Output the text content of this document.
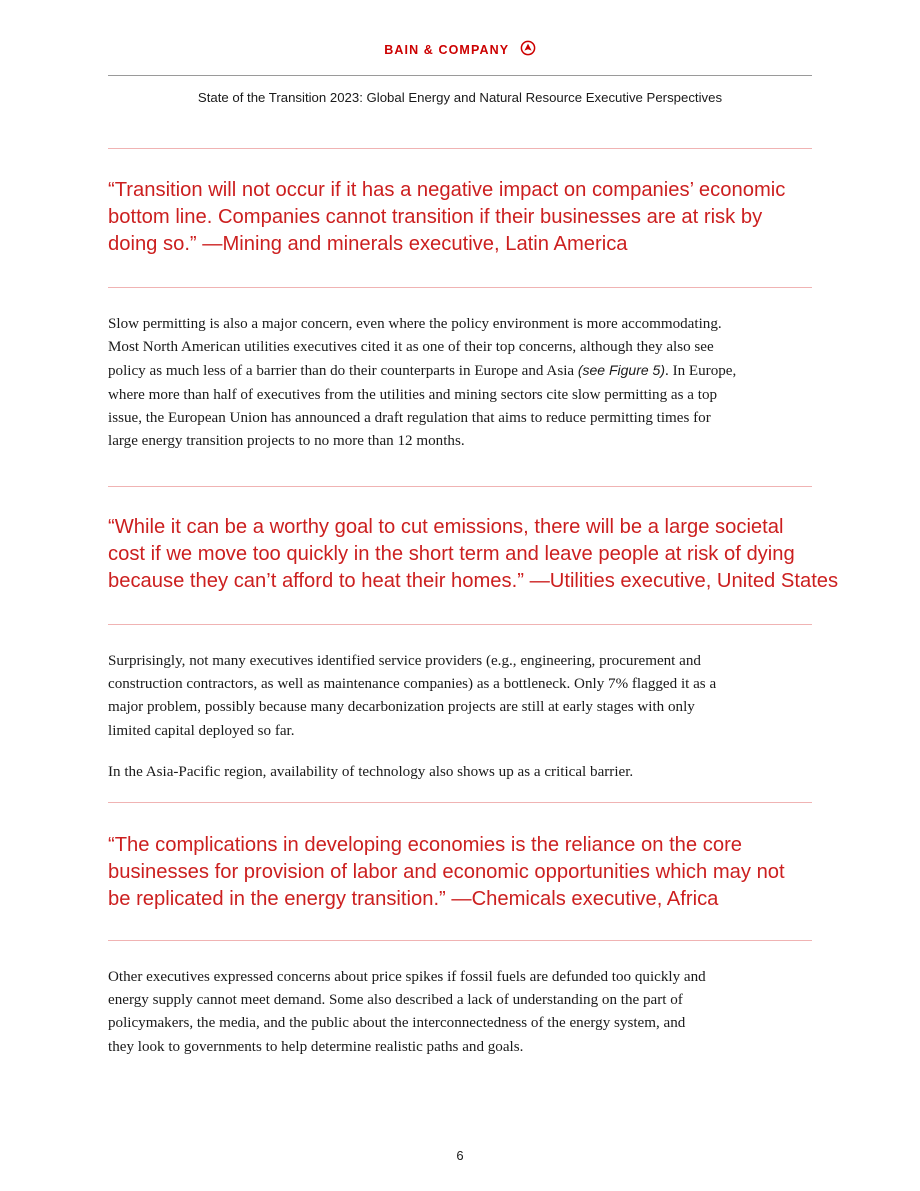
BAIN & COMPANY
State of the Transition 2023: Global Energy and Natural Resource Executive Perspectives
“Transition will not occur if it has a negative impact on companies’ economic
bottom line. Companies cannot transition if their businesses are at risk by
doing so.” —Mining and minerals executive, Latin America
Slow permitting is also a major concern, even where the policy environment is more accommodating.
Most North American utilities executives cited it as one of their top concerns, although they also see
policy as much less of a barrier than do their counterparts in Europe and Asia (see Figure 5). In Europe,
where more than half of executives from the utilities and mining sectors cite slow permitting as a top
issue, the European Union has announced a draft regulation that aims to reduce permitting times for
large energy transition projects to no more than 12 months.
“While it can be a worthy goal to cut emissions, there will be a large societal
cost if we move too quickly in the short term and leave people at risk of dying
because they can’t afford to heat their homes.” —Utilities executive, United States
Surprisingly, not many executives identified service providers (e.g., engineering, procurement and
construction contractors, as well as maintenance companies) as a bottleneck. Only 7% flagged it as a
major problem, possibly because many decarbonization projects are still at early stages with only
limited capital deployed so far.
In the Asia-Pacific region, availability of technology also shows up as a critical barrier.
“The complications in developing economies is the reliance on the core
businesses for provision of labor and economic opportunities which may not
be replicated in the energy transition.” —Chemicals executive, Africa
Other executives expressed concerns about price spikes if fossil fuels are defunded too quickly and
energy supply cannot meet demand. Some also described a lack of understanding on the part of
policymakers, the media, and the public about the interconnectedness of the energy system, and
they look to governments to help determine realistic paths and goals.
6
